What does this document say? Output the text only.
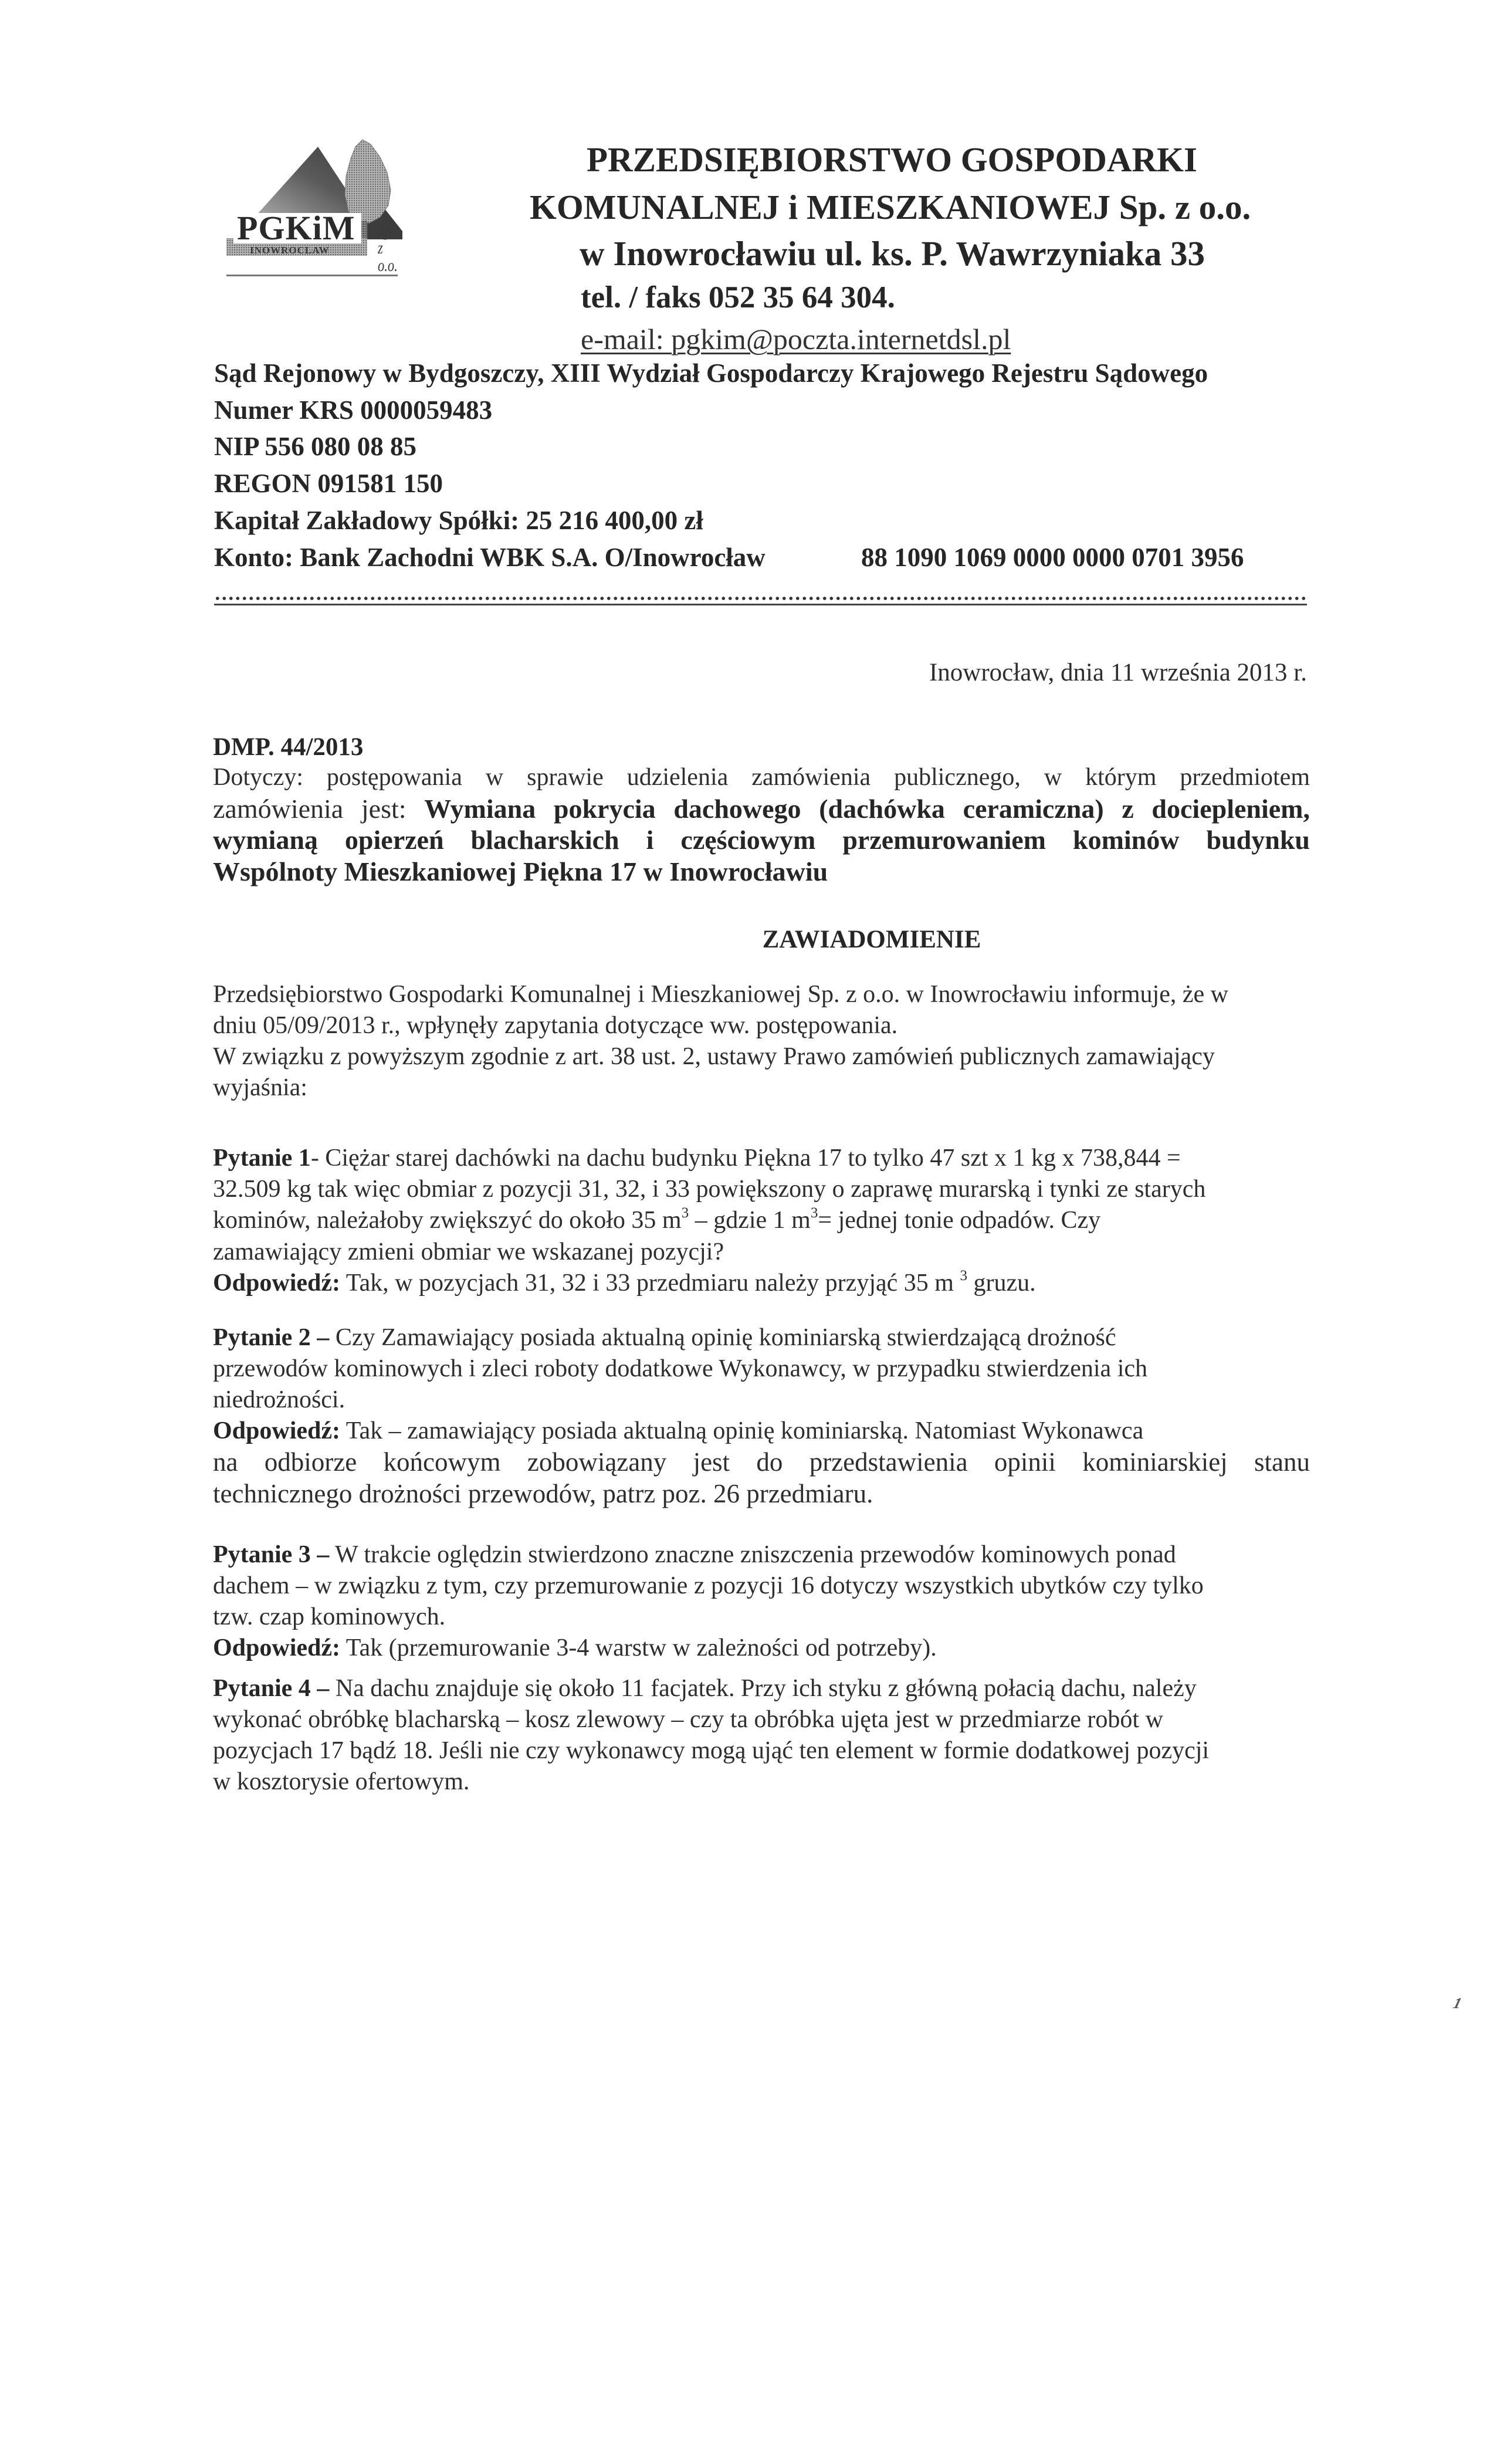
PGKiM
INOWROCLAW
Sp. z o.o.
PRZEDSIĘBIORSTWO GOSPODARKI
KOMUNALNEJ i MIESZKANIOWEJ Sp. z o.o.
w Inowrocławiu ul. ks. P. Wawrzyniaka 33
tel. / faks 052 35 64 304.
e-mail: pgkim@poczta.internetdsl.pl
Sąd Rejonowy w Bydgoszczy, XIII Wydział Gospodarczy Krajowego Rejestru Sądowego
Numer KRS 0000059483
NIP 556 080 08 85
REGON 091581 150
Kapitał Zakładowy Spółki: 25 216 400,00 zł
Konto: Bank Zachodni WBK S.A. O/Inowrocław	88 1090 1069 0000 0000 0701 3956
Inowrocław, dnia 11 września 2013 r.
DMP. 44/2013
Dotyczy: postępowania w sprawie udzielenia zamówienia publicznego, w którym przedmiotem
zamówienia jest: Wymiana pokrycia dachowego (dachówka ceramiczna) z dociepleniem,
wymianą opierzeń blacharskich i częściowym przemurowaniem kominów budynku
Wspólnoty Mieszkaniowej Piękna 17 w Inowrocławiu
ZAWIADOMIENIE
Przedsiębiorstwo Gospodarki Komunalnej i Mieszkaniowej Sp. z o.o. w Inowrocławiu informuje, że w
dniu 05/09/2013 r., wpłynęły zapytania dotyczące ww. postępowania.
W związku z powyższym zgodnie z art. 38 ust. 2, ustawy Prawo zamówień publicznych zamawiający
wyjaśnia:
Pytanie 1- Ciężar starej dachówki na dachu budynku Piękna 17 to tylko 47 szt x 1 kg x 738,844 =
32.509 kg tak więc obmiar z pozycji 31, 32, i 33 powiększony o zaprawę murarską i tynki ze starych
kominów, należałoby zwiększyć do około 35 $m^3$ – gdzie 1 $m^3=$ jednej tonie odpadów. Czy
zamawiający zmieni obmiar we wskazanej pozycji?
Odpowiedź: Tak, w pozycjach 31, 32 i 33 przedmiaru należy przyjąć 35 m $^3$ gruzu.
Pytanie 2 – Czy Zamawiający posiada aktualną opinię kominiarską stwierdzającą drożność
przewodów kominowych i zleci roboty dodatkowe Wykonawcy, w przypadku stwierdzenia ich
niedrożności.
Odpowiedź: Tak – zamawiający posiada aktualną opinię kominiarską. Natomiast Wykonawca
na odbiorze końcowym zobowiązany jest do przedstawienia opinii kominiarskiej stanu
technicznego drożności przewodów, patrz poz. 26 przedmiaru.
Pytanie 3 – W trakcie oględzin stwierdzono znaczne zniszczenia przewodów kominowych ponad
dachem – w związku z tym, czy przemurowanie z pozycji 16 dotyczy wszystkich ubytków czy tylko
tzw. czap kominowych.
Odpowiedź: Tak (przemurowanie 3-4 warstw w zależności od potrzeby).
Pytanie 4 – Na dachu znajduje się około 11 facjatek. Przy ich styku z główną połacią dachu, należy
wykonać obróbkę blacharską – kosz zlewowy – czy ta obróbka ujęta jest w przedmiarze robót w
pozycjach 17 bądź 18. Jeśli nie czy wykonawcy mogą ująć ten element w formie dodatkowej pozycji
w kosztorysie ofertowym.
1
